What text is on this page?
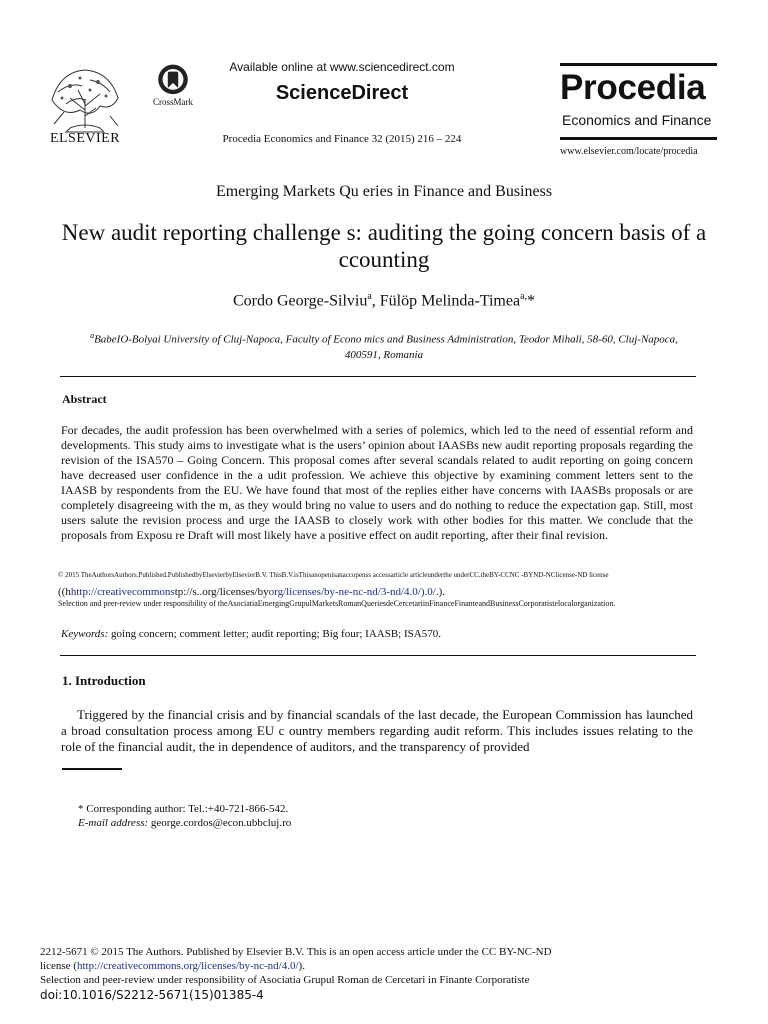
ELSEVIER
CrossMark
Available online at www.sciencedirect.com
ScienceDirect
Procedia Economics and Finance 32 (2015) 216 – 224
Procedia
Economics and Finance
www.elsevier.com/locate/procedia
Emerging Markets Qu eries in Finance and Business
New audit reporting challenge s: auditing the going concern basis of a ccounting
Cordo George-Silviu$^a$, Fülöp Melinda-Timea$^{a,}$*
$^a$BabeIO-Bolyai University of Cluj-Napoca, Faculty of Econo mics and Business Administration, Teodor Mihali, 58-60, Cluj-Napoca, 400591, Romania
Abstract
For decades, the audit profession has been overwhelmed with a series of polemics, which led to the need of essential reform and developments. This study aims to investigate what is the users’ opinion about IAASBs new audit reporting proposals regarding the revision of the ISA570 – Going Concern. This proposal comes after several scandals related to audit reporting on going concern have decreased user confidence in the a udit profession. We achieve this objective by examining comment letters sent to the IAASB by respondents from the EU. We have found that most of the replies either have concerns with IAASBs proposals or are completely disagreeing with the m, as they would bring no value to users and do nothing to reduce the expectation gap. Still, most users salute the revision process and urge the IAASB to closely work with other bodies for this matter. We conclude that the proposals from Exposu re Draft will most likely have a positive effect on audit reporting, after their final revision.
© 2015 TheAuthorsAuthors.Published.PublishedbyElsevierbyElsevierB.V. ThisB.V.isThisanopenisanaccopenss accessarticle articleunderthe underCC.theBY-CCNC -BYND-NClicense-ND license
((hhttp://creativecommonstp://s..org/licenses/byorg/licenses/by-ne-nc-nd/3-nd/4.0/).0/.).
Selection and peer-review under responsibility of theAsociatiaEmergingGrupulMarketsRomanQueriesdeCercetariinFinanceFinanteandBusinessCorporatistelocalorganization.
Keywords: going concern; comment letter; audit reporting; Big four; IAASB; ISA570.
1. Introduction
Triggered by the financial crisis and by financial scandals of the last decade, the European Commission has launched a broad consultation process among EU c ountry members regarding audit reform. This includes issues relating to the role of the financial audit, the in dependence of auditors, and the transparency of provided
* Corresponding author: Tel.:+40-721-866-542.
E-mail address: george.cordos@econ.ubbcluj.ro
2212-5671 © 2015 The Authors. Published by Elsevier B.V. This is an open access article under the CC BY-NC-ND
license (http://creativecommons.org/licenses/by-nc-nd/4.0/).
Selection and peer-review under responsibility of Asociatia Grupul Roman de Cercetari in Finante Corporatiste
doi:10.1016/S2212-5671(15)01385-4
